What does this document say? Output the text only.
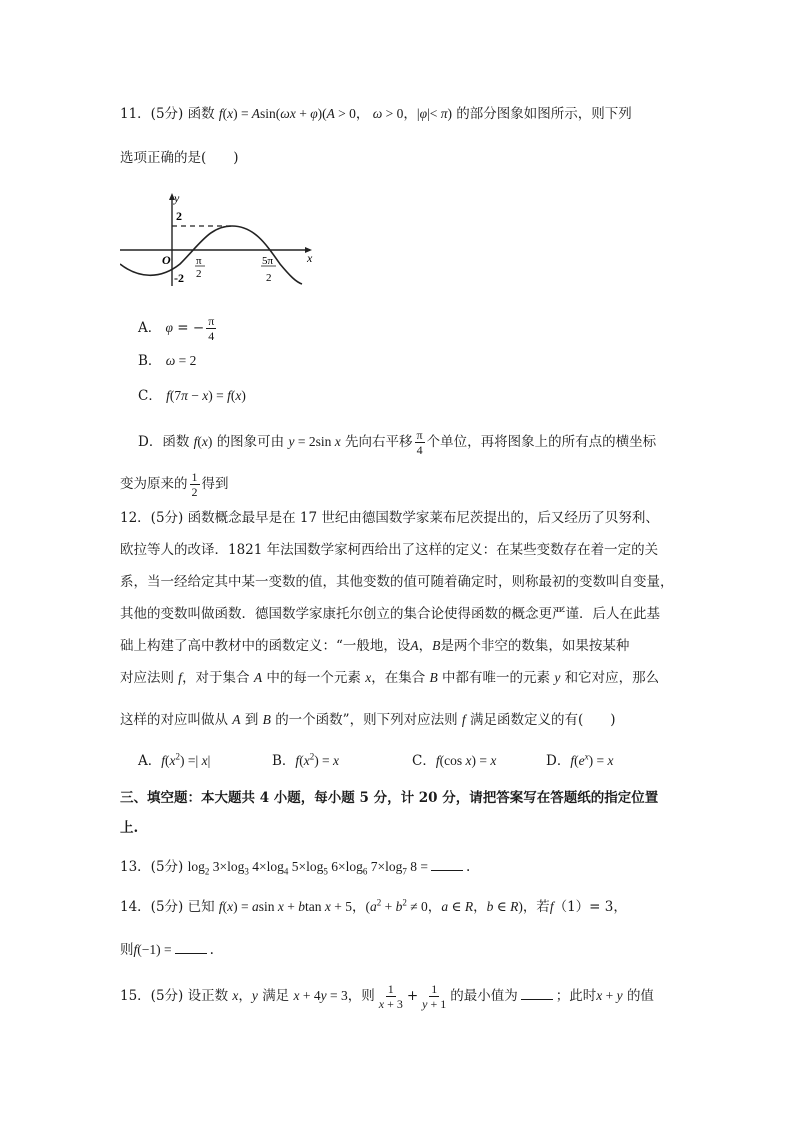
11．(5分) 函数 f(x) = Asin(ωx + φ)(A > 0， ω > 0，|φ|< π) 的部分图象如图所示，则下列
选项正确的是(　　)
y
x
2
O
-2
π
2
5π
2
A． φ = − $\frac{\pi}{4}$
B． ω = 2
C． f(7π − x) = f(x)
D．函数 f(x) 的图象可由 y = 2sin x 先向右平移 $\frac{\pi}{4}$ 个单位，再将图象上的所有点的横坐标
变为原来的 $\frac{1}{2}$ 得到
12．(5分) 函数概念最早是在 17 世纪由德国数学家莱布尼茨提出的，后又经历了贝努利、
欧拉等人的改译．1821 年法国数学家柯西给出了这样的定义：在某些变数存在着一定的关
系，当一经给定其中某一变数的值，其他变数的值可随着确定时，则称最初的变数叫自变量，
其他的变数叫做函数．德国数学家康托尔创立的集合论使得函数的概念更严谨．后人在此基
础上构建了高中教材中的函数定义：“一般地，设A，B是两个非空的数集，如果按某种
对应法则 f，对于集合 A 中的每一个元素 x，在集合 B 中都有唯一的元素 y 和它对应，那么
这样的对应叫做从 A 到 B 的一个函数”，则下列对应法则 f 满足函数定义的有(　　)
A．$f(x^2)$ =| x|	B．$f(x^2) = x$	C．f(cos x) = x	D．$f(e^x) = x$
三、填空题：本大题共 4 小题，每小题 5 分，计 20 分，请把答案写在答题纸的指定位置
上.
13．(5分) $\log_2 3\times\log_3$ $4\times\log_4$ $5\times\log_5$ $6\times\log_6$ $7\times\log_7$ 8 =	.
14．(5分) 已知 f(x) = asin x + btan x + 5，($a^2 + b^2 \ne 0$，a ∈ R，b ∈ R)，若f（1）= 3，
则f(−1) =	.
15．(5分) 设正数 x，y 满足 x + 4y = 3，则 $\frac{1}{x + 3} + \frac{1}{y + 1}$ 的最小值为	；此时x + y 的值
